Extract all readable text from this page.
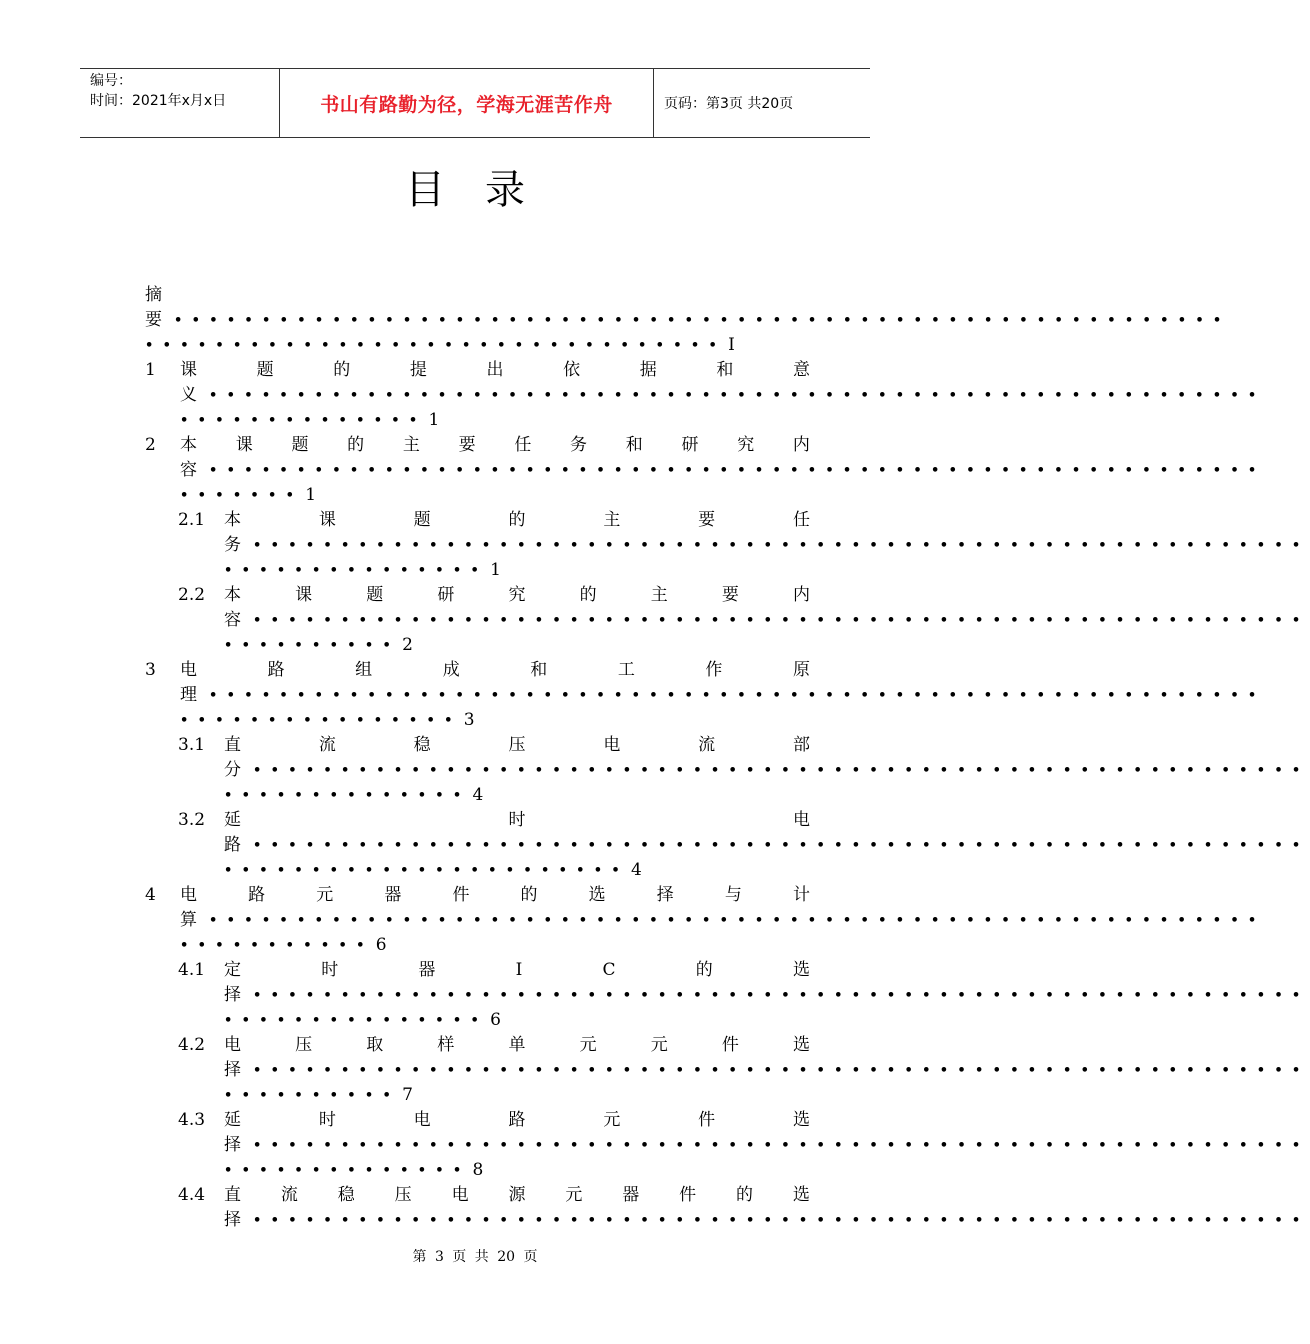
编号：
时间：2021年x月x日	书山有路勤为径，学海无涯苦作舟	页码：第3页 共20页
目录
摘
要 ••••••••••••••••••••••••••••••••••••••••••••••••••••••••••••
••••••••••••••••••••••••••••••••• I
1 课	题	的	提	出	依	据	和	意
义 ••••••••••••••••••••••••••••••••••••••••••••••••••••••••••••
•••••••••••••• 1
2 本 课 题 的 主 要 任 务 和 研 究 内
容 ••••••••••••••••••••••••••••••••••••••••••••••••••••••••••••
••••••• 1
2.1 本	课	题	的	主	要	任
务 ••••••••••••••••••••••••••••••••••••••••••••••••••••••••••••
••••••••••••••• 1
2.2 本	课	题	研	究	的	主	要	内
容 ••••••••••••••••••••••••••••••••••••••••••••••••••••••••••••
•••••••••• 2
3 电	路	组	成	和	工	作	原
理 ••••••••••••••••••••••••••••••••••••••••••••••••••••••••••••
•••••••••••••••• 3
3.1 直	流	稳	压	电	流	部
分 ••••••••••••••••••••••••••••••••••••••••••••••••••••••••••••
•••••••••••••• 4
3.2 延	时	电
路 ••••••••••••••••••••••••••••••••••••••••••••••••••••••••••••
••••••••••••••••••••••• 4
4 电	路	元	器	件	的	选	择	与	计
算 ••••••••••••••••••••••••••••••••••••••••••••••••••••••••••••
••••••••••• 6
4.1 定	时	器	I	C	的	选
择 ••••••••••••••••••••••••••••••••••••••••••••••••••••••••••••
••••••••••••••• 6
4.2 电	压	取	样	单	元	元	件	选
择 ••••••••••••••••••••••••••••••••••••••••••••••••••••••••••••
•••••••••• 7
4.3 延	时	电	路	元	件	选
择 ••••••••••••••••••••••••••••••••••••••••••••••••••••••••••••
•••••••••••••• 8
4.4 直 流 稳 压 电 源 元 器 件 的 选
择 ••••••••••••••••••••••••••••••••••••••••••••••••••••••••••••
第 3 页 共 20 页
